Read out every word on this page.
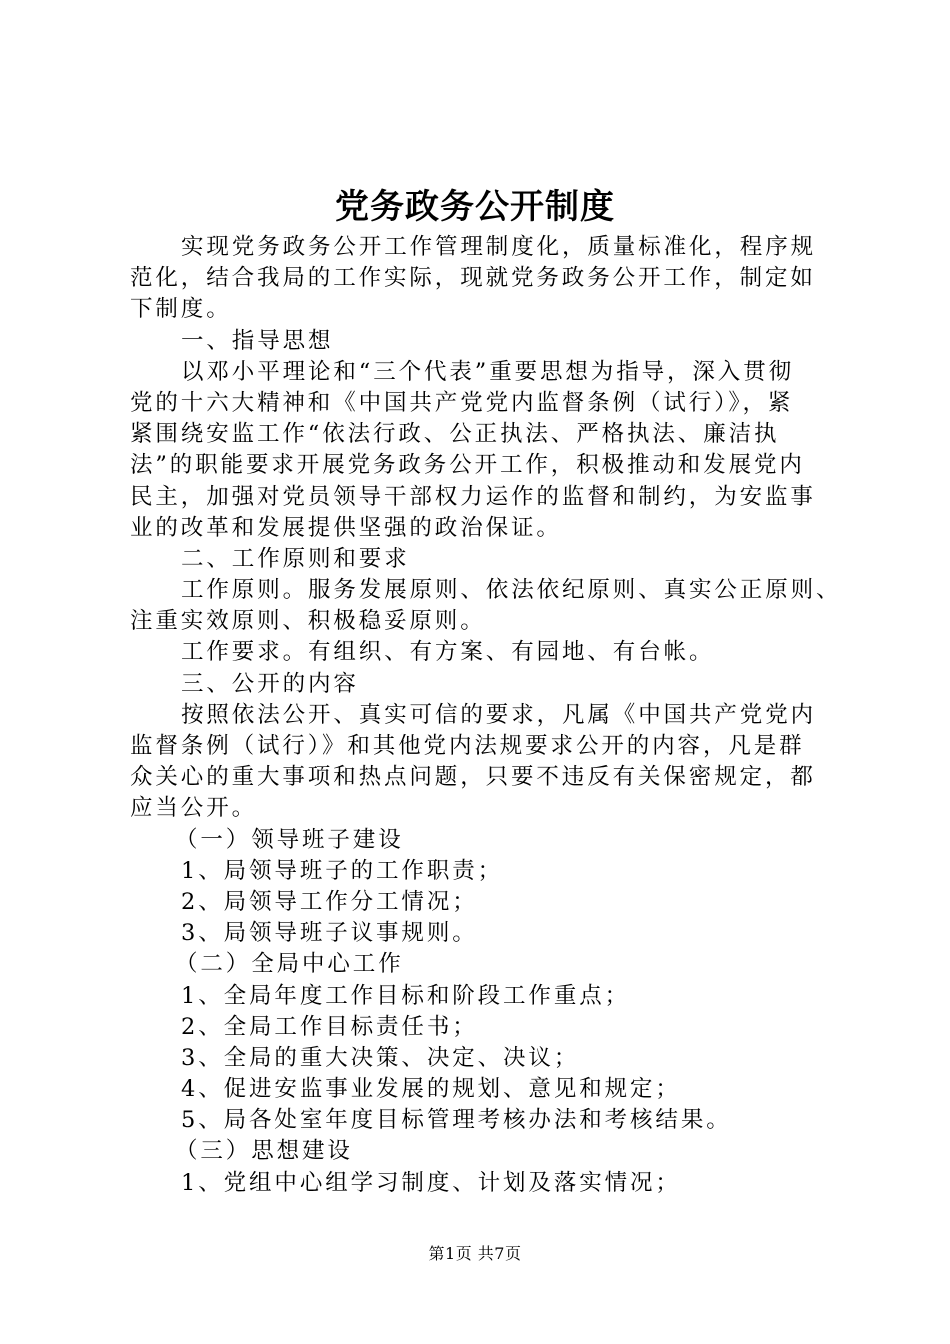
党务政务公开制度
实现党务政务公开工作管理制度化，质量标准化，程序规
范化，结合我局的工作实际，现就党务政务公开工作，制定如
下制度。
一、指导思想
以邓小平理论和“三个代表”重要思想为指导，深入贯彻
党的十六大精神和《中国共产党党内监督条例（试行）》，紧
紧围绕安监工作“依法行政、公正执法、严格执法、廉洁执
法”的职能要求开展党务政务公开工作，积极推动和发展党内
民主，加强对党员领导干部权力运作的监督和制约，为安监事
业的改革和发展提供坚强的政治保证。
二、工作原则和要求
工作原则。服务发展原则、依法依纪原则、真实公正原则、
注重实效原则、积极稳妥原则。
工作要求。有组织、有方案、有园地、有台帐。
三、公开的内容
按照依法公开、真实可信的要求，凡属《中国共产党党内
监督条例（试行）》和其他党内法规要求公开的内容，凡是群
众关心的重大事项和热点问题，只要不违反有关保密规定，都
应当公开。
（一）领导班子建设
1、局领导班子的工作职责；
2、局领导工作分工情况；
3、局领导班子议事规则。
（二）全局中心工作
1、全局年度工作目标和阶段工作重点；
2、全局工作目标责任书；
3、全局的重大决策、决定、决议；
4、促进安监事业发展的规划、意见和规定；
5、局各处室年度目标管理考核办法和考核结果。
（三）思想建设
1、党组中心组学习制度、计划及落实情况；
第1页 共7页
